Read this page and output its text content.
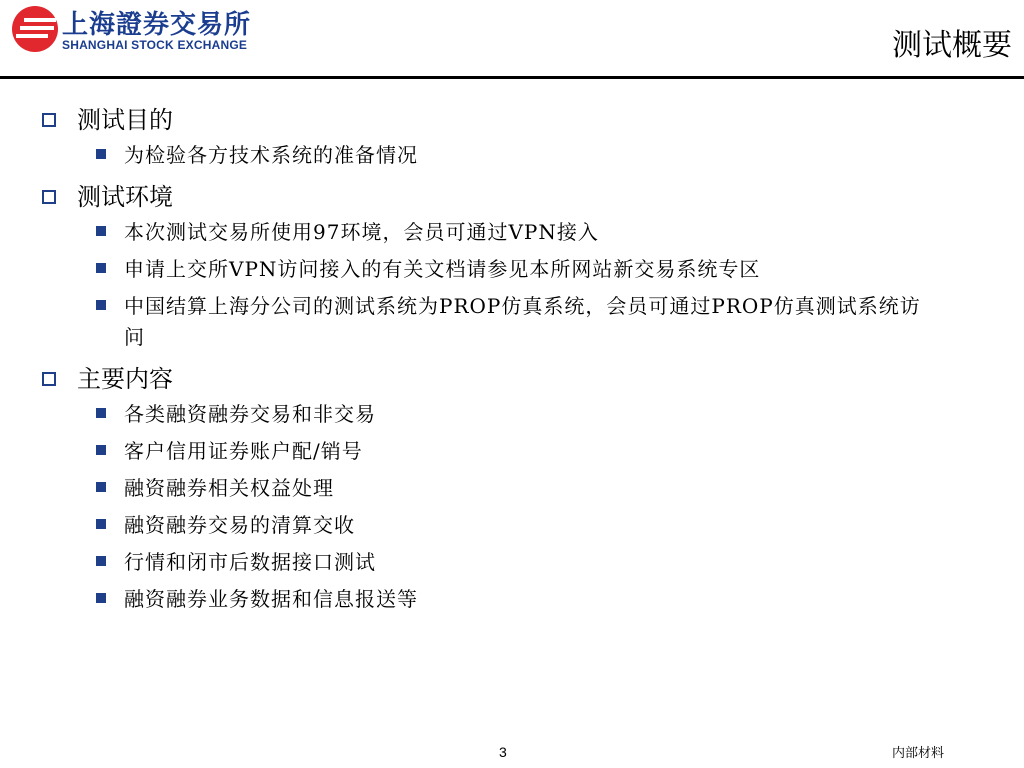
上海證券交易所
SHANGHAI STOCK EXCHANGE	测试概要
测试目的
为检验各方技术系统的准备情况
测试环境
本次测试交易所使用97环境，会员可通过VPN接入
申请上交所VPN访问接入的有关文档请参见本所网站新交易系统专区
中国结算上海分公司的测试系统为PROP仿真系统，会员可通过PROP仿真测试系统访问
主要内容
各类融资融券交易和非交易
客户信用证券账户配/销号
融资融券相关权益处理
融资融券交易的清算交收
行情和闭市后数据接口测试
融资融券业务数据和信息报送等
3	内部材料
